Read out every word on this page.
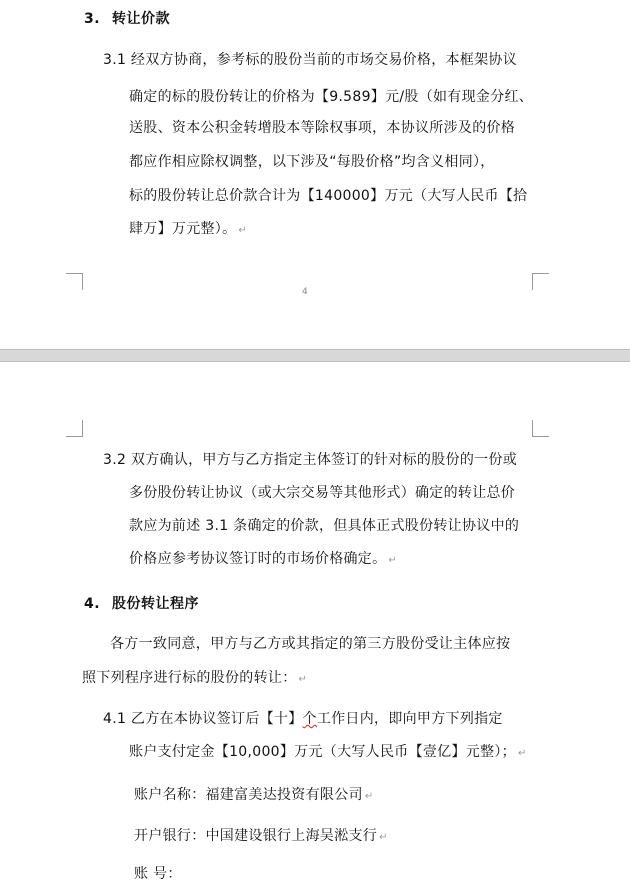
3. 转让价款
3.1 经双方协商，参考标的股份当前的市场交易价格，本框架协议
确定的标的股份转让的价格为【9.589】元/股（如有现金分红、
送股、资本公积金转增股本等除权事项，本协议所涉及的价格
都应作相应除权调整，以下涉及“每股价格”均含义相同），
标的股份转让总价款合计为【140000】万元（大写人民币【拾
肆万】万元整）。 ↵
4
3.2 双方确认，甲方与乙方指定主体签订的针对标的股份的一份或
多份股份转让协议（或大宗交易等其他形式）确定的转让总价
款应为前述 3.1 条确定的价款，但具体正式股份转让协议中的
价格应参考协议签订时的市场价格确定。 ↵
4. 股份转让程序
各方一致同意，甲方与乙方或其指定的第三方股份受让主体应按
照下列程序进行标的股份的转让： ↵
4.1 乙方在本协议签订后【十】个工作日内，即向甲方下列指定
账户支付定金【10,000】万元（大写人民币【壹亿】元整）； ↵
账户名称：福建富美达投资有限公司 ↵
开户银行：中国建设银行上海吴淞支行 ↵
账 号：
